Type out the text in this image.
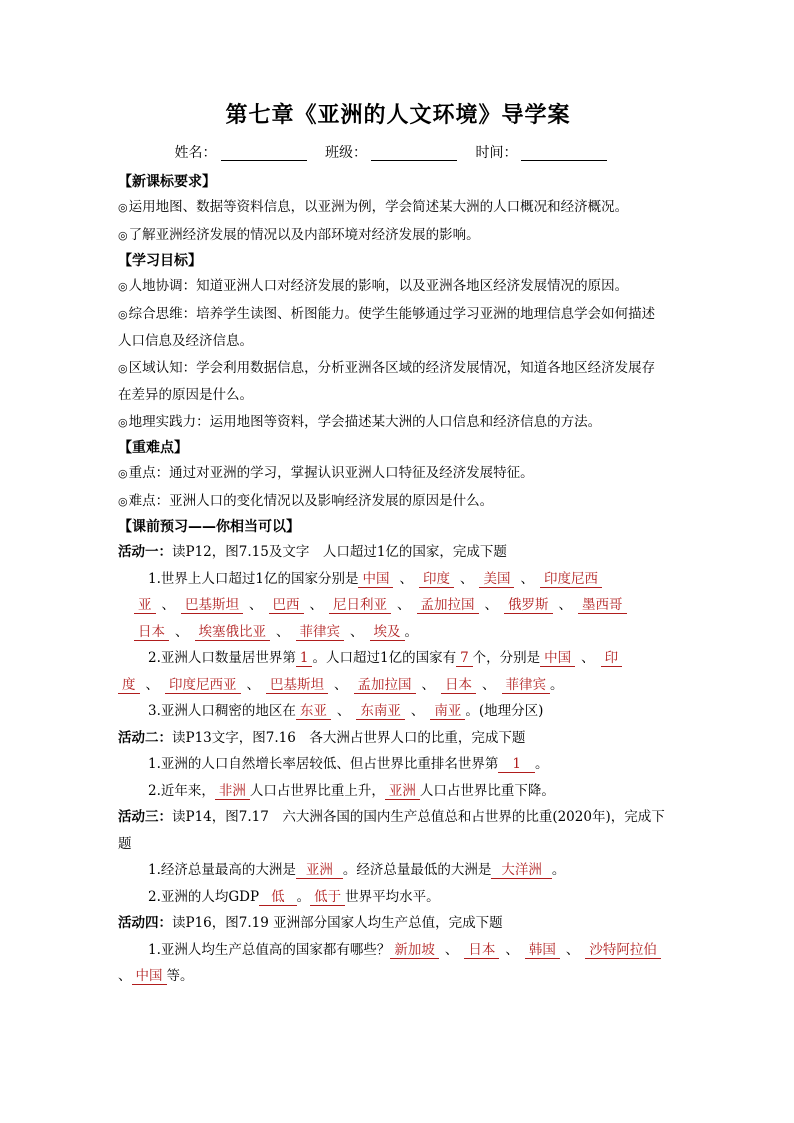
第七章《亚洲的人文环境》导学案
姓名：	班级：	时间：
【新课标要求】
◎ 运用地图、数据等资料信息，以亚洲为例，学会简述某大洲的人口概况和经济概况。
◎ 了解亚洲经济发展的情况以及内部环境对经济发展的影响。
【学习目标】
◎ 人地协调：知道亚洲人口对经济发展的影响，以及亚洲各地区经济发展情况的原因。
◎ 综合思维：培养学生读图、析图能力。使学生能够通过学习亚洲的地理信息学会如何描述
人口信息及经济信息。
◎ 区域认知：学会利用数据信息，分析亚洲各区域的经济发展情况，知道各地区经济发展存
在差异的原因是什么。
◎ 地理实践力：运用地图等资料，学会描述某大洲的人口信息和经济信息的方法。
【重难点】
◎ 重点：通过对亚洲的学习，掌握认识亚洲人口特征及经济发展特征。
◎ 难点：亚洲人口的变化情况以及影响经济发展的原因是什么。
【课前预习——你相当可以】
活动一：读P12，图7.15及文字　人口超过1亿的国家，完成下题
1.世界上人口超过1亿的国家分别是 中国 、 印度 、 美国 、 印度尼西
亚 、 巴基斯坦 、 巴西 、 尼日利亚 、 孟加拉国 、 俄罗斯 、 墨西哥
日本 、 埃塞俄比亚 、 菲律宾 、 埃及 。
2.亚洲人口数量居世界第 1 。人口超过1亿的国家有 7 个，分别是 中国 、 印
度 、 印度尼西亚 、 巴基斯坦 、 孟加拉国 、 日本 、 菲律宾 。
3.亚洲人口稠密的地区在 东亚 、 东南亚 、 南亚 。(地理分区)
活动二：读P13文字，图7.16　各大洲占世界人口的比重，完成下题
1.亚洲的人口自然增长率居较低、但占世界比重排名世界第 1 。
2.近年来， 非洲 人口占世界比重上升， 亚洲 人口占世界比重下降。
活动三：读P14，图7.17　六大洲各国的国内生产总值总和占世界的比重(2020年)，完成下
题
1.经济总量最高的大洲是 亚洲 。经济总量最低的大洲是 大洋洲 。
2.亚洲的人均GDP 低 。 低于 世界平均水平。
活动四：读P16，图7.19 亚洲部分国家人均生产总值，完成下题
1.亚洲人均生产总值高的国家都有哪些？ 新加坡 、 日本 、 韩国 、 沙特阿拉伯
、 中国 等。
